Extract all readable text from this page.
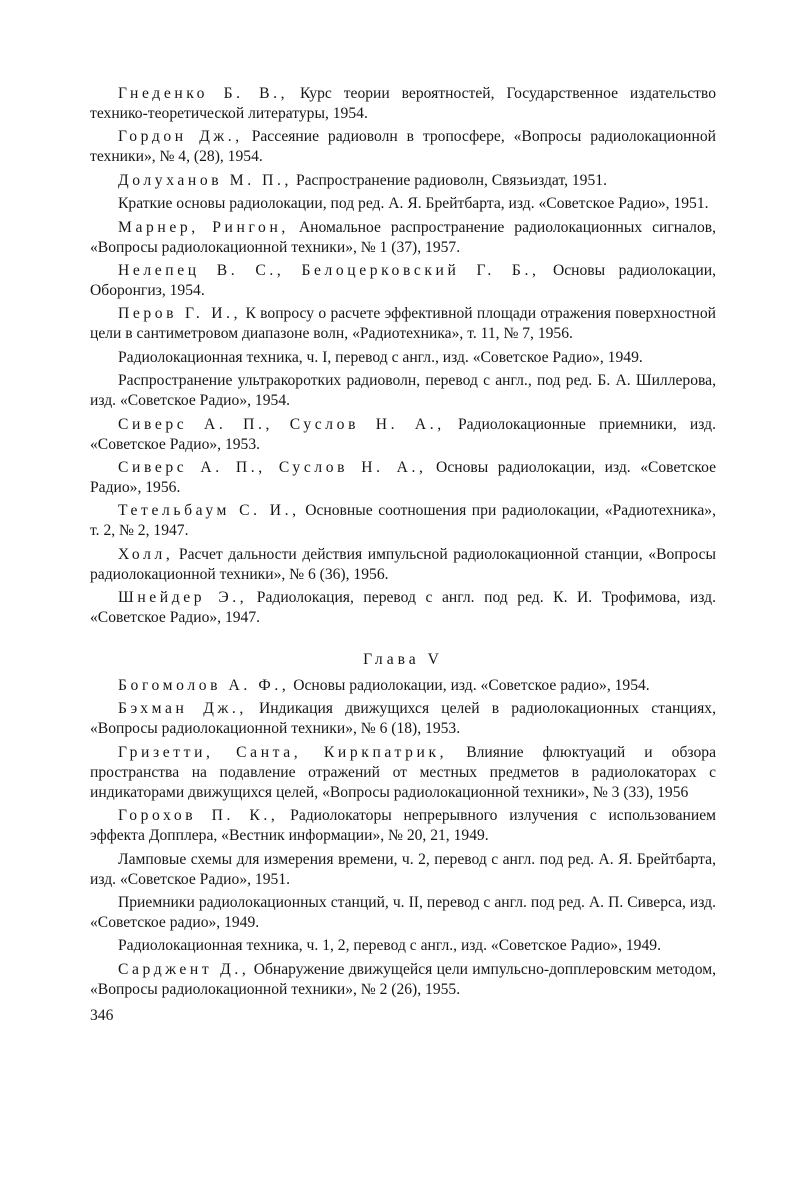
Гнеденко Б. В., Курс теории вероятностей, Государственное издательство технико-теоретической литературы, 1954.

Гордон Дж., Рассеяние радиоволн в тропосфере, «Вопросы радиолокационной техники», № 4, (28), 1954.

Долуханов М. П., Распространение радиоволн, Связьиздат, 1951.

Краткие основы радиолокации, под ред. А. Я. Брейтбарта, изд. «Советское Радио», 1951.

Марнер, Рингон, Аномальное распространение радиолокационных сигналов, «Вопросы радиолокационной техники», № 1 (37), 1957.

Нелепец В. С., Белоцерковский Г. Б., Основы радиолокации, Оборонгиз, 1954.

Перов Г. И., К вопросу о расчете эффективной площади отражения поверхностной цели в сантиметровом диапазоне волн, «Радиотехника», т. 11, № 7, 1956.

Радиолокационная техника, ч. I, перевод с англ., изд. «Советское Радио», 1949.

Распространение ультракоротких радиоволн, перевод с англ., под ред. Б. А. Шиллерова, изд. «Советское Радио», 1954.

Сиверс А. П., Суслов Н. А., Радиолокационные приемники, изд. «Советское Радио», 1953.

Сиверс А. П., Суслов Н. А., Основы радиолокации, изд. «Советское Радио», 1956.

Тетельбаум С. И., Основные соотношения при радиолокации, «Радиотехника», т. 2, № 2, 1947.

Холл, Расчет дальности действия импульсной радиолокационной станции, «Вопросы радиолокационной техники», № 6 (36), 1956.

Шнейдер Э., Радиолокация, перевод с англ. под ред. К. И. Трофимова, изд. «Советское Радио», 1947.

Глава V

Богомолов А. Ф., Основы радиолокации, изд. «Советское радио», 1954.

Бэхман Дж., Индикация движущихся целей в радиолокационных станциях, «Вопросы радиолокационной техники», № 6 (18), 1953.

Гризетти, Санта, Киркпатрик, Влияние флюктуаций и обзора пространства на подавление отражений от местных предметов в радиолокаторах с индикаторами движущихся целей, «Вопросы радиолокационной техники», № 3 (33), 1956

Горохов П. К., Радиолокаторы непрерывного излучения с использованием эффекта Допплера, «Вестник информации», № 20, 21, 1949.

Ламповые схемы для измерения времени, ч. 2, перевод с англ. под ред. А. Я. Брейтбарта, изд. «Советское Радио», 1951.

Приемники радиолокационных станций, ч. II, перевод с англ. под ред. А. П. Сиверса, изд. «Советское радио», 1949.

Радиолокационная техника, ч. 1, 2, перевод с англ., изд. «Советское Радио», 1949.

Сарджент Д., Обнаружение движущейся цели импульсно-допплеровским методом, «Вопросы радиолокационной техники», № 2 (26), 1955.

346
